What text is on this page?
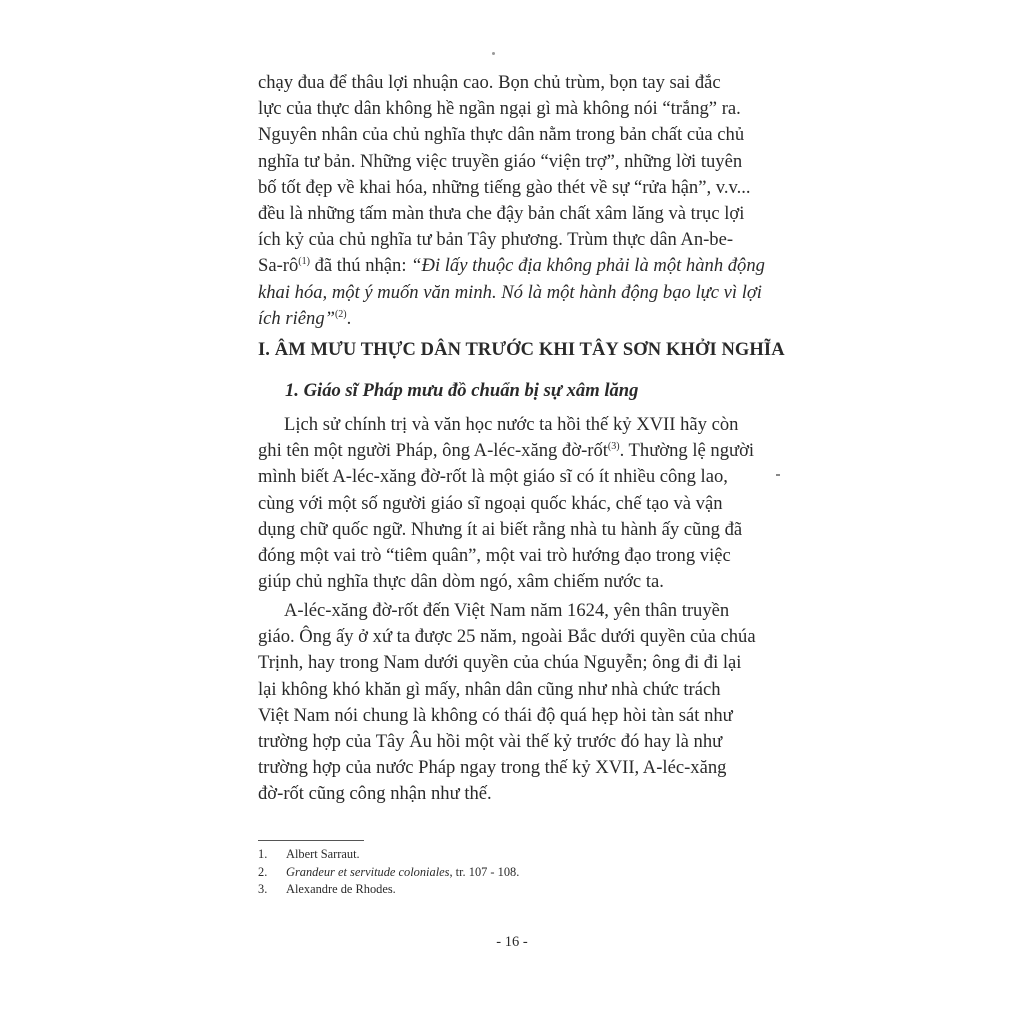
chạy đua để thâu lợi nhuận cao. Bọn chủ trùm, bọn tay sai đắc
lực của thực dân không hề ngần ngại gì mà không nói “trắng” ra.
Nguyên nhân của chủ nghĩa thực dân nằm trong bản chất của chủ
nghĩa tư bản. Những việc truyền giáo “viện trợ”, những lời tuyên
bố tốt đẹp về khai hóa, những tiếng gào thét về sự “rửa hận”, v.v...
đều là những tấm màn thưa che đậy bản chất xâm lăng và trục lợi
ích kỷ của chủ nghĩa tư bản Tây phương. Trùm thực dân An-be-
$Sa-rô^{(1)}$ đã thú nhận: “Đi lấy thuộc địa không phải là một hành động
khai hóa, một ý muốn văn minh. Nó là một hành động bạo lực vì lợi
ích riêng”$^{(2)}$.

I. ÂM MƯU THỰC DÂN TRƯỚC KHI TÂY SƠN KHỞI NGHĨA
1. Giáo sĩ Pháp mưu đồ chuẩn bị sự xâm lăng

Lịch sử chính trị và văn học nước ta hồi thế kỷ XVII hãy còn
ghi tên một người Pháp, ông A-léc-xăng đờ-rốt$^{(3)}$. Thường lệ người
mình biết A-léc-xăng đờ-rốt là một giáo sĩ có ít nhiều công lao,
cùng với một số người giáo sĩ ngoại quốc khác, chế tạo và vận
dụng chữ quốc ngữ. Nhưng ít ai biết rằng nhà tu hành ấy cũng đã
đóng một vai trò “tiêm quân”, một vai trò hướng đạo trong việc
giúp chủ nghĩa thực dân dòm ngó, xâm chiếm nước ta.

A-léc-xăng đờ-rốt đến Việt Nam năm 1624, yên thân truyền
giáo. Ông ấy ở xứ ta được 25 năm, ngoài Bắc dưới quyền của chúa
Trịnh, hay trong Nam dưới quyền của chúa Nguyễn; ông đi đi lại
lại không khó khăn gì mấy, nhân dân cũng như nhà chức trách
Việt Nam nói chung là không có thái độ quá hẹp hòi tàn sát như
trường hợp của Tây Âu hồi một vài thế kỷ trước đó hay là như
trường hợp của nước Pháp ngay trong thế kỷ XVII, A-léc-xăng
đờ-rốt cũng công nhận như thế.

1. Albert Sarraut.
2. Grandeur et servitude coloniales, tr. 107 - 108.
3. Alexandre de Rhodes.
- 16 -
